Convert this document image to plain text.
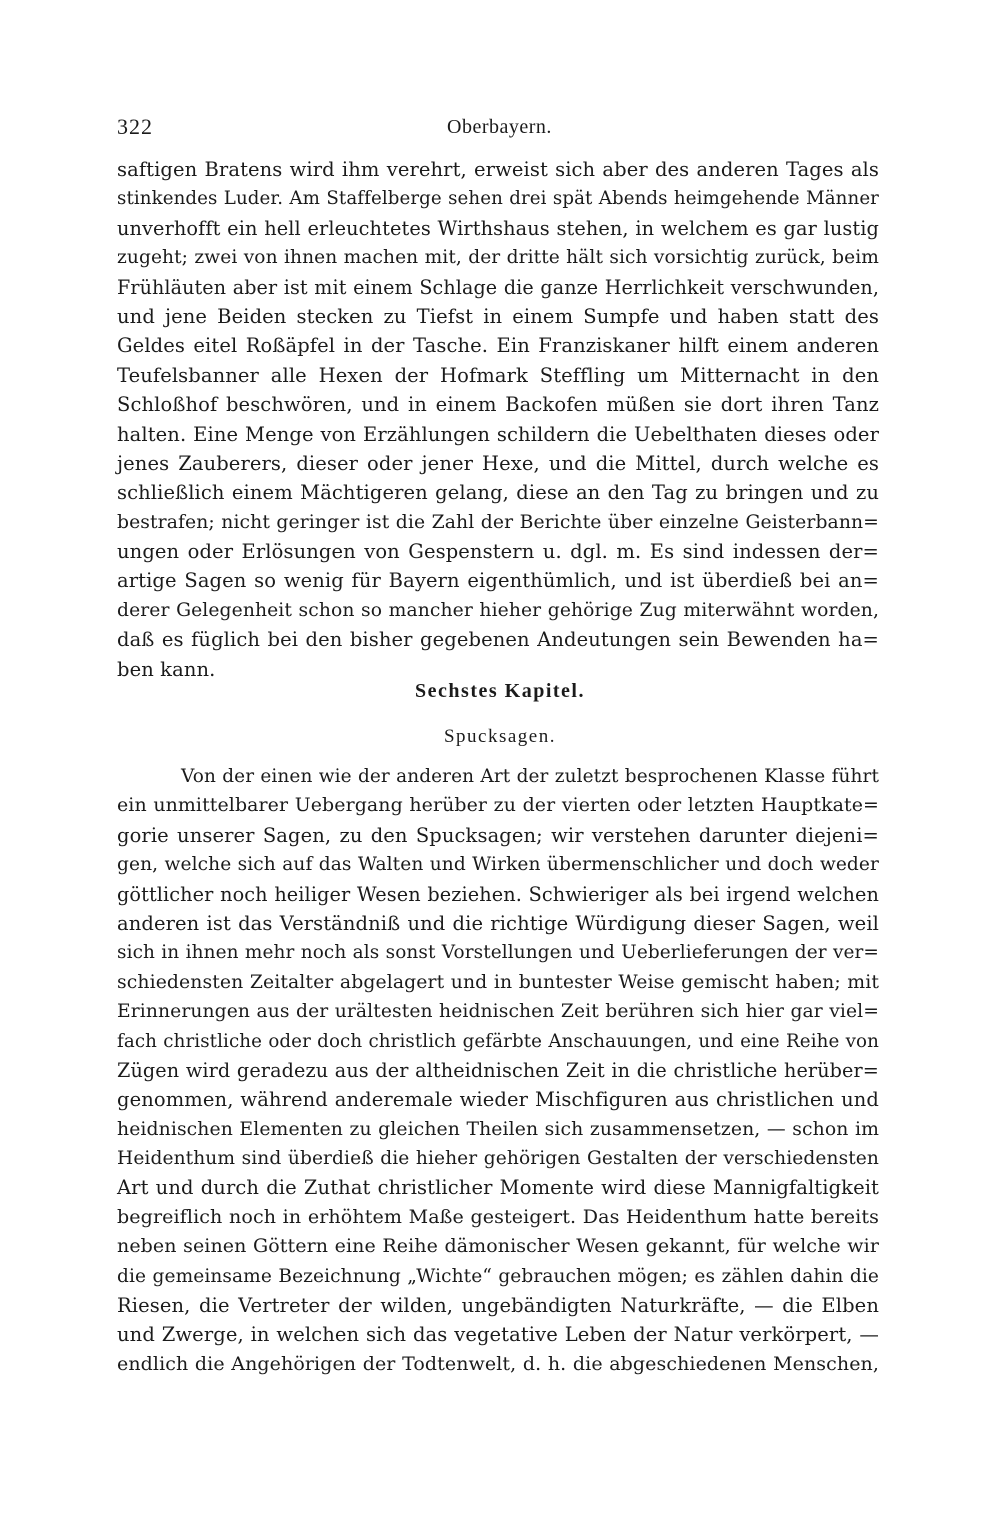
322	Oberbayern.
saftigen Bratens wird ihm verehrt, erweist sich aber des anderen Tages als
stinkendes Luder. Am Staffelberge sehen drei spät Abends heimgehende Männer
unverhofft ein hell erleuchtetes Wirthshaus stehen, in welchem es gar lustig
zugeht; zwei von ihnen machen mit, der dritte hält sich vorsichtig zurück, beim
Frühläuten aber ist mit einem Schlage die ganze Herrlichkeit verschwunden,
und jene Beiden stecken zu Tiefst in einem Sumpfe und haben statt des
Geldes eitel Roßäpfel in der Tasche. Ein Franziskaner hilft einem anderen
Teufelsbanner alle Hexen der Hofmark Steffling um Mitternacht in den
Schloßhof beschwören, und in einem Backofen müßen sie dort ihren Tanz
halten. Eine Menge von Erzählungen schildern die Uebelthaten dieses oder
jenes Zauberers, dieser oder jener Hexe, und die Mittel, durch welche es
schließlich einem Mächtigeren gelang, diese an den Tag zu bringen und zu
bestrafen; nicht geringer ist die Zahl der Berichte über einzelne Geisterbann=
ungen oder Erlösungen von Gespenstern u. dgl. m. Es sind indessen der=
artige Sagen so wenig für Bayern eigenthümlich, und ist überdieß bei an=
derer Gelegenheit schon so mancher hieher gehörige Zug miterwähnt worden,
daß es füglich bei den bisher gegebenen Andeutungen sein Bewenden ha=
ben kann.
Sechstes Kapitel.
Spucksagen.
Von der einen wie der anderen Art der zuletzt besprochenen Klasse führt
ein unmittelbarer Uebergang herüber zu der vierten oder letzten Hauptkate=
gorie unserer Sagen, zu den Spucksagen; wir verstehen darunter diejeni=
gen, welche sich auf das Walten und Wirken übermenschlicher und doch weder
göttlicher noch heiliger Wesen beziehen. Schwieriger als bei irgend welchen
anderen ist das Verständniß und die richtige Würdigung dieser Sagen, weil
sich in ihnen mehr noch als sonst Vorstellungen und Ueberlieferungen der ver=
schiedensten Zeitalter abgelagert und in buntester Weise gemischt haben; mit
Erinnerungen aus der urältesten heidnischen Zeit berühren sich hier gar viel=
fach christliche oder doch christlich gefärbte Anschauungen, und eine Reihe von
Zügen wird geradezu aus der altheidnischen Zeit in die christliche herüber=
genommen, während anderemale wieder Mischfiguren aus christlichen und
heidnischen Elementen zu gleichen Theilen sich zusammensetzen, — schon im
Heidenthum sind überdieß die hieher gehörigen Gestalten der verschiedensten
Art und durch die Zuthat christlicher Momente wird diese Mannigfaltigkeit
begreiflich noch in erhöhtem Maße gesteigert. Das Heidenthum hatte bereits
neben seinen Göttern eine Reihe dämonischer Wesen gekannt, für welche wir
die gemeinsame Bezeichnung „Wichte“ gebrauchen mögen; es zählen dahin die
Riesen, die Vertreter der wilden, ungebändigten Naturkräfte, — die Elben
und Zwerge, in welchen sich das vegetative Leben der Natur verkörpert, —
endlich die Angehörigen der Todtenwelt, d. h. die abgeschiedenen Menschen,
